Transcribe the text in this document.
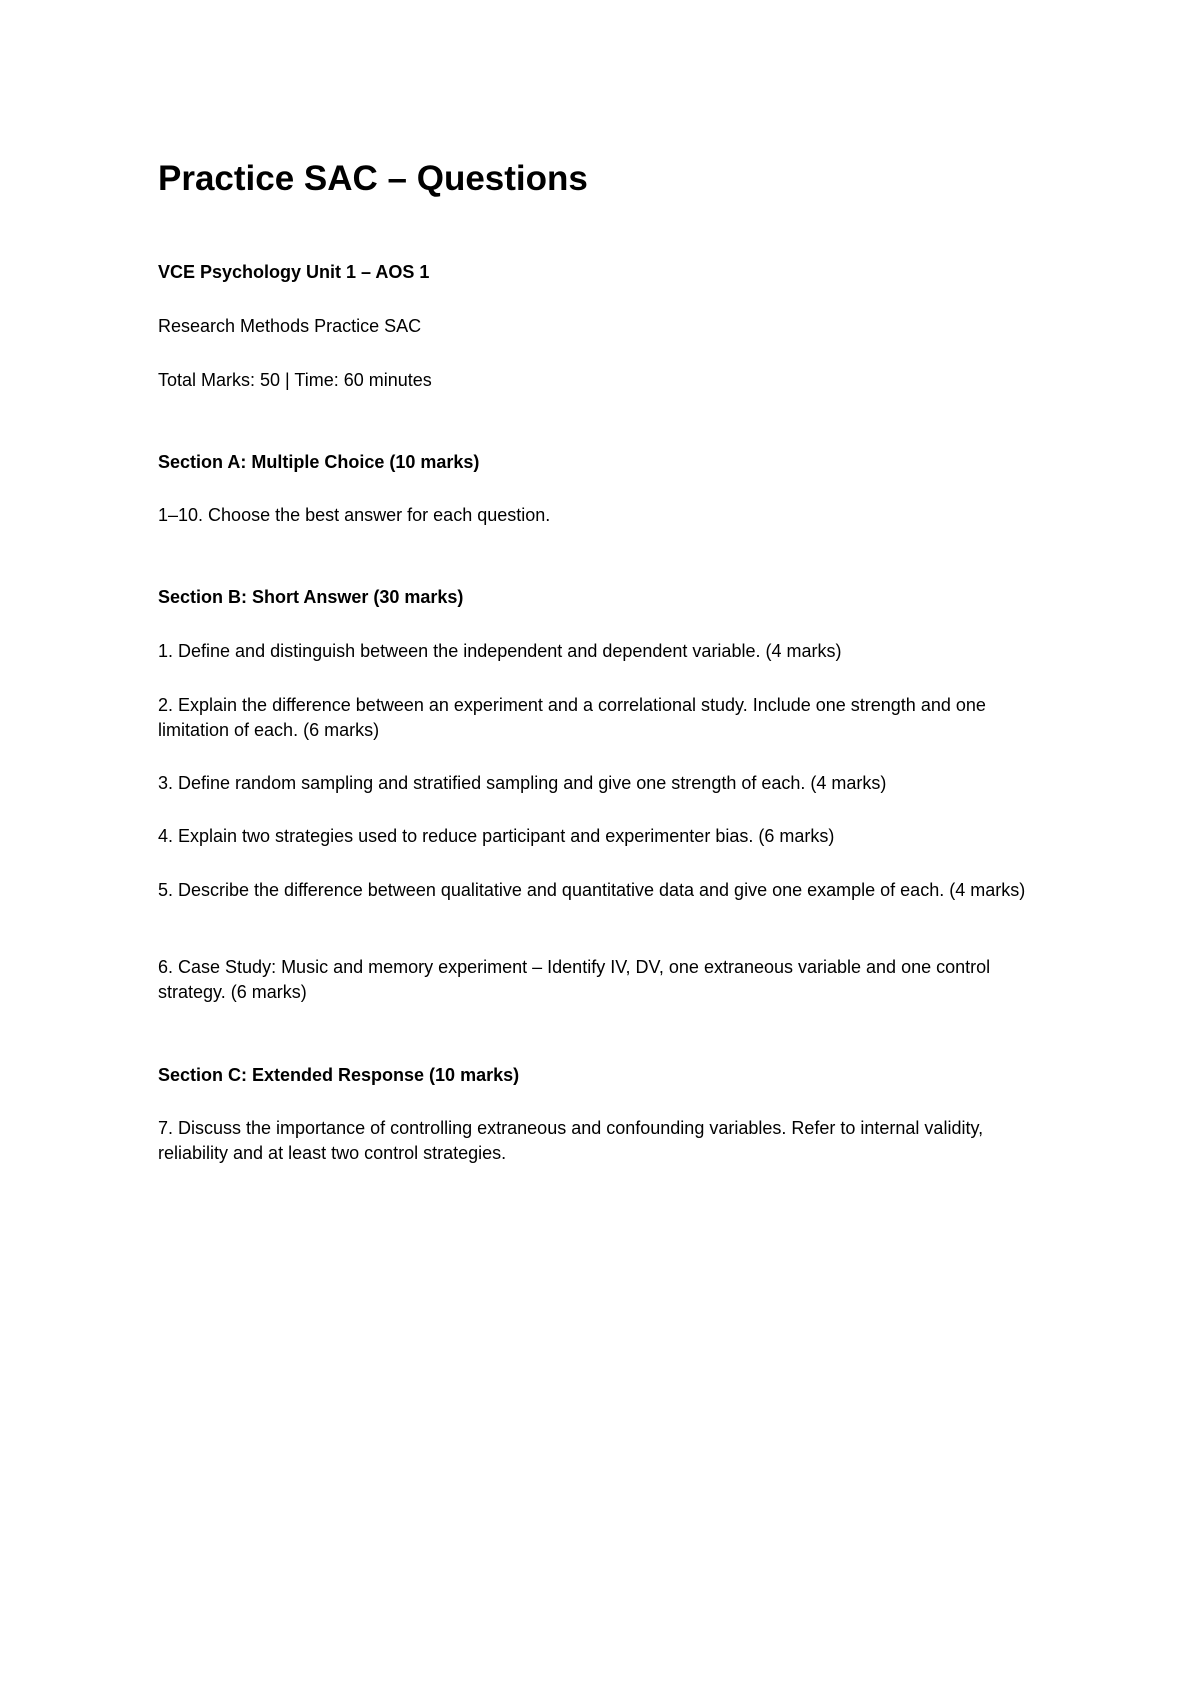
Practice SAC – Questions

VCE Psychology Unit 1 – AOS 1

Research Methods Practice SAC

Total Marks: 50 | Time: 60 minutes

Section A: Multiple Choice (10 marks)

1–10. Choose the best answer for each question.

Section B: Short Answer (30 marks)

1. Define and distinguish between the independent and dependent variable. (4 marks)

2. Explain the difference between an experiment and a correlational study. Include one strength and one limitation of each. (6 marks)

3. Define random sampling and stratified sampling and give one strength of each. (4 marks)

4. Explain two strategies used to reduce participant and experimenter bias. (6 marks)

5. Describe the difference between qualitative and quantitative data and give one example of each. (4 marks)

6. Case Study: Music and memory experiment – Identify IV, DV, one extraneous variable and one control strategy. (6 marks)

Section C: Extended Response (10 marks)

7. Discuss the importance of controlling extraneous and confounding variables. Refer to internal validity, reliability and at least two control strategies.
